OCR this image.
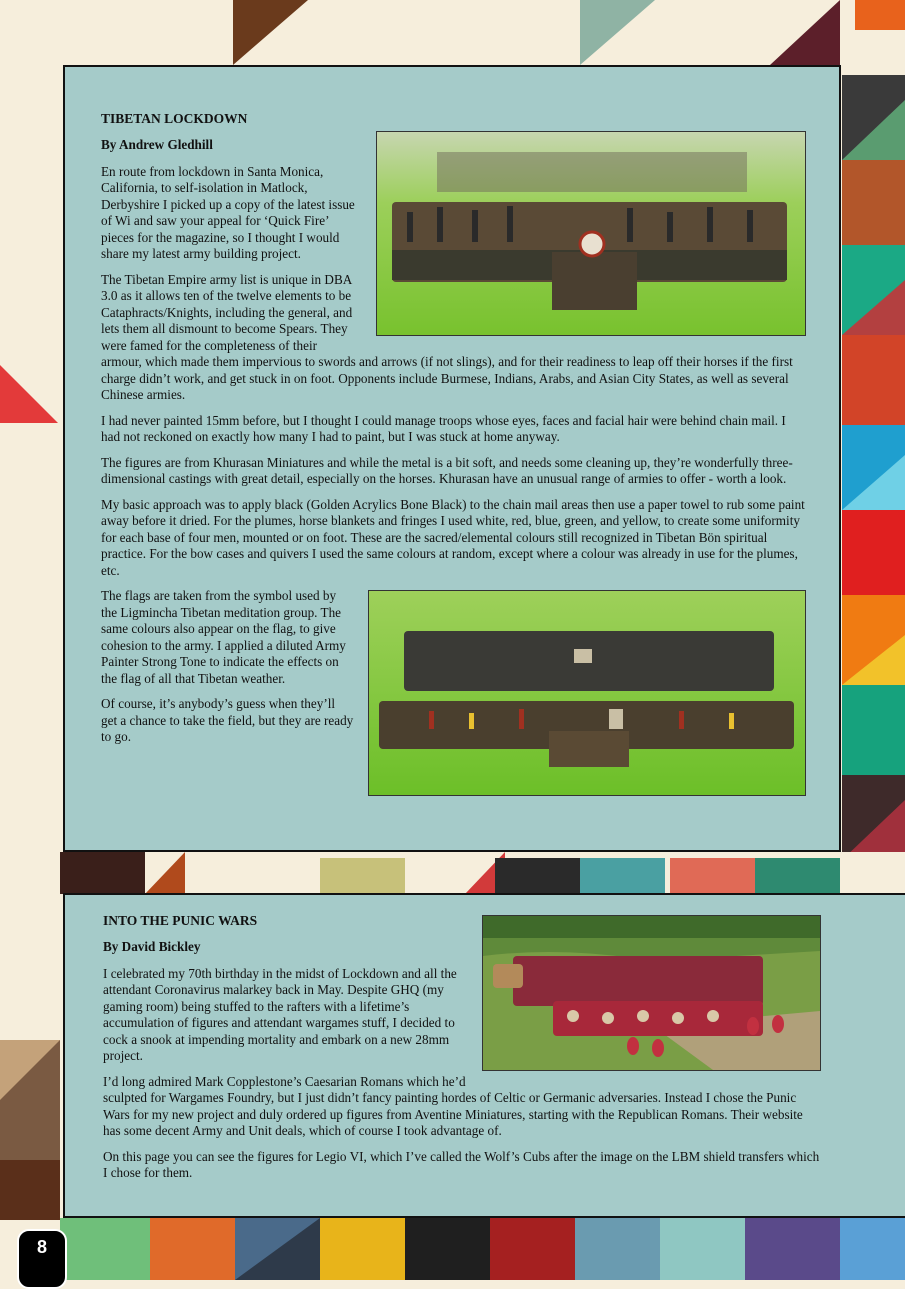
TIBETAN LOCKDOWN

By Andrew Gledhill

En route from lockdown in Santa Monica, California, to self-isolation in Matlock, Derbyshire I picked up a copy of the latest issue of Wi and saw your appeal for ‘Quick Fire’ pieces for the magazine, so I thought I would share my latest army building project.

The Tibetan Empire army list is unique in DBA 3.0 as it allows ten of the twelve elements to be Cataphracts/Knights, including the general, and lets them all dismount to become Spears. They were famed for the completeness of their armour, which made them impervious to swords and arrows (if not slings), and for their readiness to leap off their horses if the first charge didn’t work, and get stuck in on foot. Opponents include Burmese, Indians, Arabs, and Asian City States, as well as several Chinese armies.

I had never painted 15mm before, but I thought I could manage troops whose eyes, faces and facial hair were behind chain mail. I had not reckoned on exactly how many I had to paint, but I was stuck at home anyway.

The figures are from Khurasan Miniatures and while the metal is a bit soft, and needs some cleaning up, they’re wonderfully three-dimensional castings with great detail, especially on the horses. Khurasan have an unusual range of armies to offer - worth a look.

My basic approach was to apply black (Golden Acrylics Bone Black) to the chain mail areas then use a paper towel to rub some paint away before it dried. For the plumes, horse blankets and fringes I used white, red, blue, green, and yellow, to create some uniformity for each base of four men, mounted or on foot. These are the sacred/elemental colours still recognized in Tibetan Bön spiritual practice. For the bow cases and quivers I used the same colours at random, except where a colour was already in use for the plumes, etc.

The flags are taken from the symbol used by the Ligmincha Tibetan meditation group. The same colours also appear on the flag, to give cohesion to the army. I applied a diluted Army Painter Strong Tone to indicate the effects on the flag of all that Tibetan weather.

Of course, it’s anybody’s guess when they’ll get a chance to take the field, but they are ready to go.

INTO THE PUNIC WARS

By David Bickley

I celebrated my 70th birthday in the midst of Lockdown and all the attendant Coronavirus malarkey back in May. Despite GHQ (my gaming room) being stuffed to the rafters with a lifetime’s accumulation of figures and attendant wargames stuff, I decided to cock a snook at impending mortality and embark on a new 28mm project.

I’d long admired Mark Copplestone’s Caesarian Romans which he’d sculpted for Wargames Foundry, but I just didn’t fancy painting hordes of Celtic or Germanic adversaries. Instead I chose the Punic Wars for my new project and duly ordered up figures from Aventine Miniatures, starting with the Republican Romans. Their website has some decent Army and Unit deals, which of course I took advantage of.

On this page you can see the figures for Legio VI, which I’ve called the Wolf’s Cubs after the image on the LBM shield transfers which I chose for them.

8
